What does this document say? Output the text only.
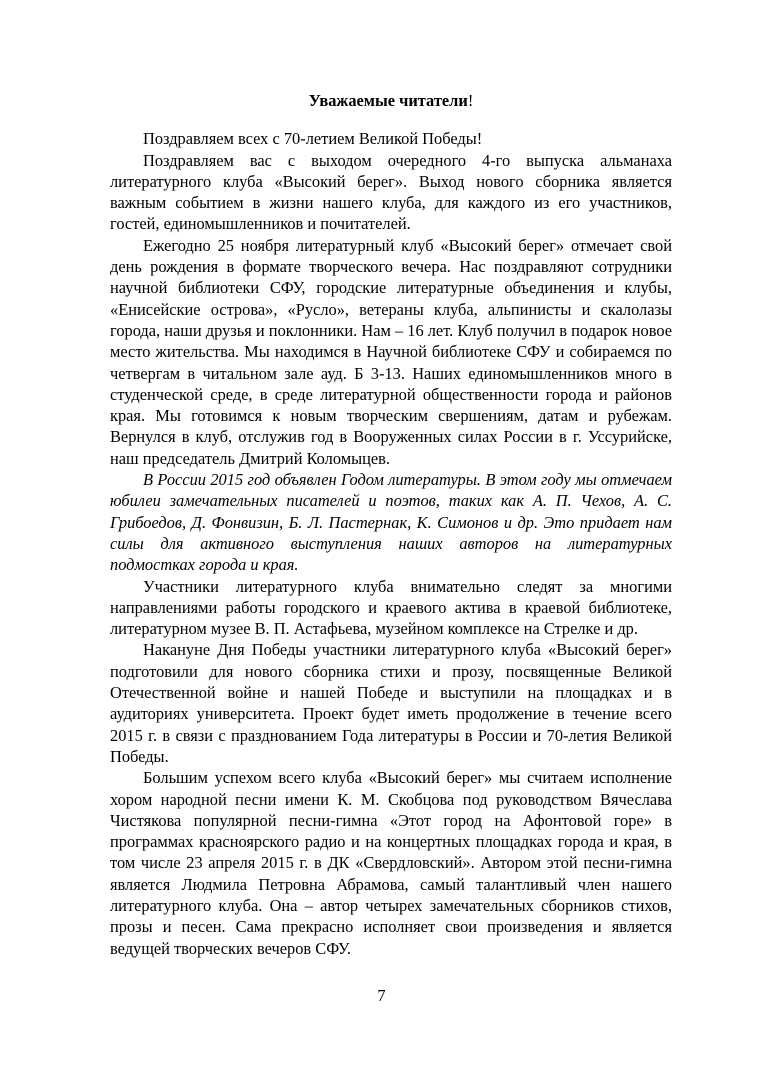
Уважаемые читатели!

Поздравляем всех с 70-летием Великой Победы!

Поздравляем вас с выходом очередного 4-го выпуска альманаха литературного клуба «Высокий берег». Выход нового сборника является важным событием в жизни нашего клуба, для каждого из его участников, гостей, единомышленников и почитателей.

Ежегодно 25 ноября литературный клуб «Высокий берег» отмечает свой день рождения в формате творческого вечера. Нас поздравляют сотрудники научной библиотеки СФУ, городские литературные объединения и клубы, «Енисейские острова», «Русло», ветераны клуба, альпинисты и скалолазы города, наши друзья и поклонники. Нам – 16 лет. Клуб получил в подарок новое место жительства. Мы находимся в Научной библиотеке СФУ и собираемся по четвергам в читальном зале ауд. Б 3-13. Наших единомышленников много в студенческой среде, в среде литературной общественности города и районов края. Мы готовимся к новым творческим свершениям, датам и рубежам. Вернулся в клуб, отслужив год в Вооруженных силах России в г. Уссурийске, наш председатель Дмитрий Коломыцев.

В России 2015 год объявлен Годом литературы. В этом году мы отмечаем юбилеи замечательных писателей и поэтов, таких как А. П. Чехов, А. С. Грибоедов, Д. Фонвизин, Б. Л. Пастернак, К. Симонов и др. Это придает нам силы для активного выступления наших авторов на литературных подмостках города и края.

Участники литературного клуба внимательно следят за многими направлениями работы городского и краевого актива в краевой библиотеке, литературном музее В. П. Астафьева, музейном комплексе на Стрелке и др.

Накануне Дня Победы участники литературного клуба «Высокий берег» подготовили для нового сборника стихи и прозу, посвященные Великой Отечественной войне и нашей Победе и выступили на площадках и в аудиториях университета. Проект будет иметь продолжение в течение всего 2015 г. в связи с празднованием Года литературы в России и 70-летия Великой Победы.

Большим успехом всего клуба «Высокий берег» мы считаем исполнение хором народной песни имени К. М. Скобцова под руководством Вячеслава Чистякова популярной песни-гимна «Этот город на Афонтовой горе» в программах красноярского радио и на концертных площадках города и края, в том числе 23 апреля 2015 г. в ДК «Свердловский». Автором этой песни-гимна является Людмила Петровна Абрамова, самый талантливый член нашего литературного клуба. Она – автор четырех замечательных сборников стихов, прозы и песен. Сама прекрасно исполняет свои произведения и является ведущей творческих вечеров СФУ.

7
